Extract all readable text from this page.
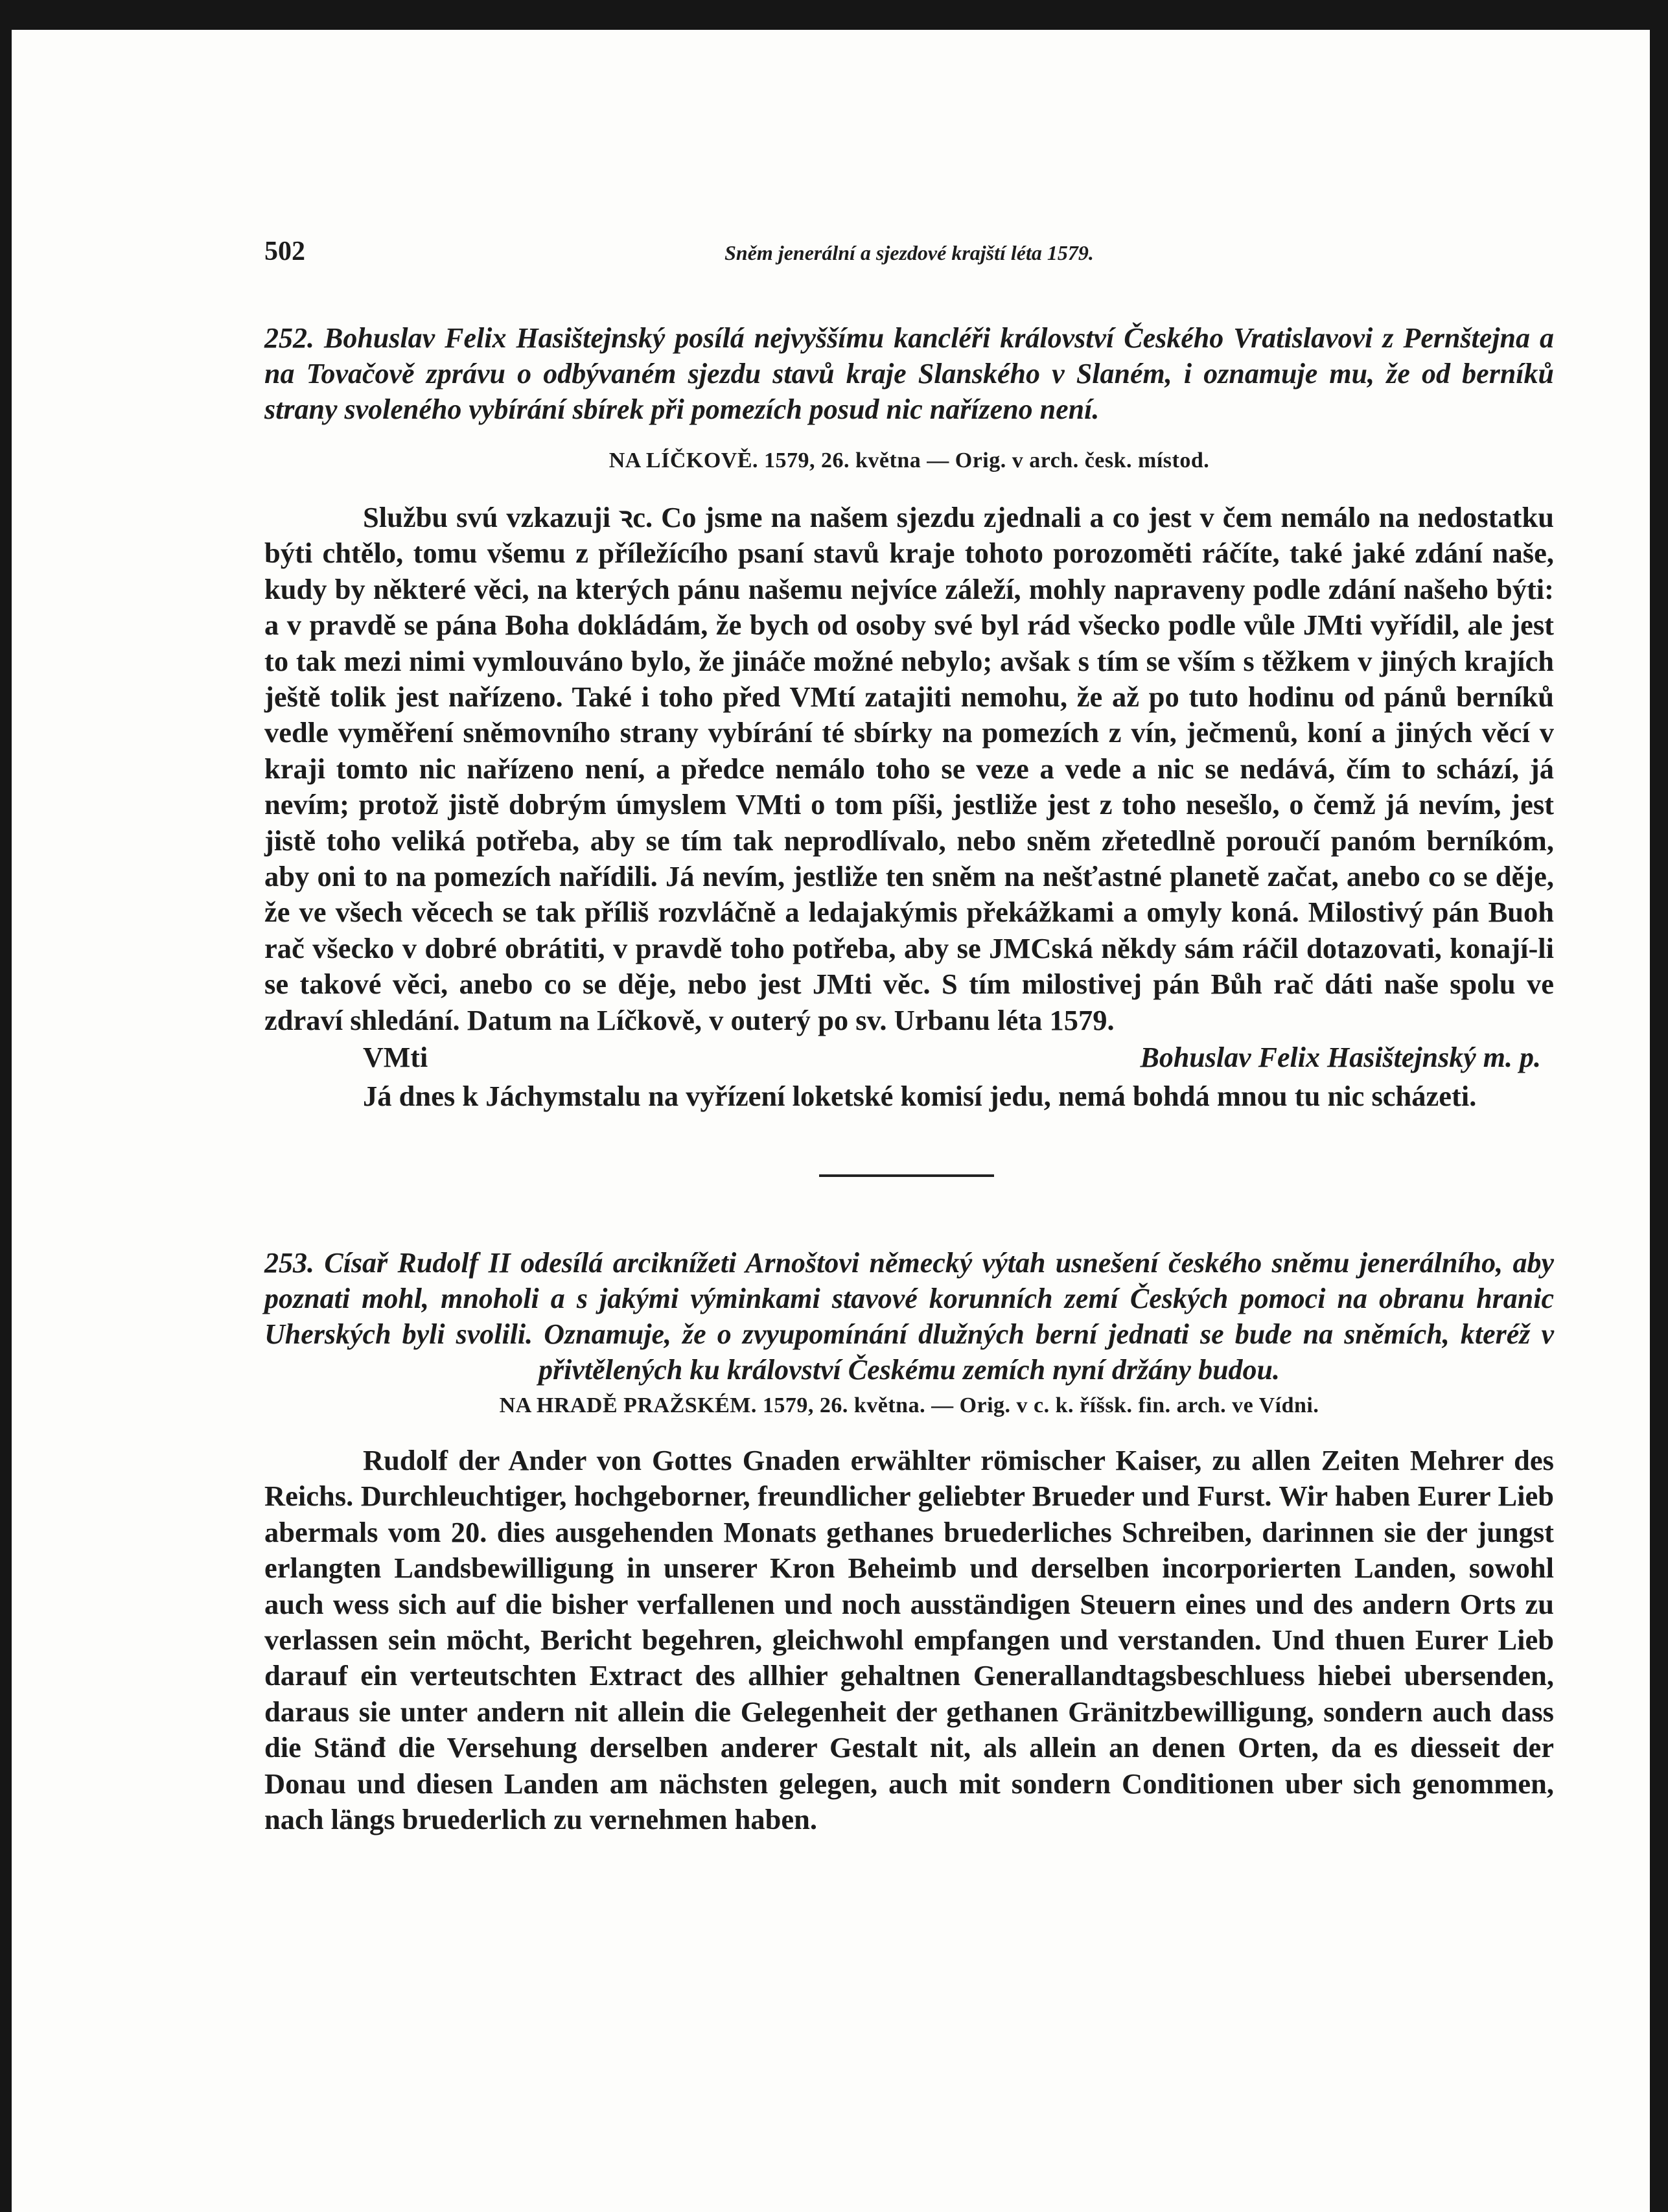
502	Sněm jenerální a sjezdové krajští léta 1579.
252. Bohuslav Felix Hasištejnský posílá nejvyššímu kancléři království Českého Vratislavovi z Pernštejna a na Tovačově zprávu o odbývaném sjezdu stavů kraje Slanského v Slaném, i oznamuje mu, že od berníků strany svoleného vybírání sbírek při pomezích posud nic nařízeno není.
NA LÍČKOVĚ. 1579, 26. května — Orig. v arch. česk. místod.
Službu svú vzkazuji ꝛc. Co jsme na našem sjezdu zjednali a co jest v čem nemálo na nedostatku býti chtělo, tomu všemu z příležícího psaní stavů kraje tohoto porozoměti ráčíte, také jaké zdání naše, kudy by některé věci, na kterých pánu našemu nejvíce záleží, mohly napraveny podle zdání našeho býti: a v pravdě se pána Boha dokládám, že bych od osoby své byl rád všecko podle vůle JMti vyřídil, ale jest to tak mezi nimi vymlouváno bylo, že jináče možné nebylo; avšak s tím se vším s těžkem v jiných krajích ještě tolik jest nařízeno. Také i toho před VMtí zatajiti nemohu, že až po tuto hodinu od pánů berníků vedle vyměření sněmovního strany vybírání té sbírky na pomezích z vín, ječmenů, koní a jiných věcí v kraji tomto nic nařízeno není, a předce nemálo toho se veze a vede a nic se nedává, čím to schází, já nevím; protož jistě dobrým úmyslem VMti o tom píši, jestliže jest z toho nesešlo, o čemž já nevím, jest jistě toho veliká potřeba, aby se tím tak neprodlívalo, nebo sněm zřetedlně poroučí panóm berníkóm, aby oni to na pomezích nařídili. Já nevím, jestliže ten sněm na nešťastné planetě začat, anebo co se děje, že ve všech věcech se tak příliš rozvláčně a ledajakýmis překážkami a omyly koná. Milostivý pán Buoh rač všecko v dobré obrátiti, v pravdě toho potřeba, aby se JMCská někdy sám ráčil dotazovati, konají-li se takové věci, anebo co se děje, nebo jest JMti věc. S tím milostivej pán Bůh rač dáti naše spolu ve zdraví shledání. Datum na Líčkově, v outerý po sv. Urbanu léta 1579.
VMti	Bohuslav Felix Hasištejnský m. p.
Já dnes k Jáchymstalu na vyřízení loketské komisí jedu, nemá bohdá mnou tu nic scházeti.
253. Císař Rudolf II odesílá arciknížeti Arnoštovi německý výtah usnešení českého sněmu jenerálního, aby poznati mohl, mnoholi a s jakými výminkami stavové korunních zemí Českých pomoci na obranu hranic Uherských byli svolili. Oznamuje, že o zvyupomínání dlužných berní jednati se bude na sněmích, kteréž v přivtělených ku království Českému zemích nyní držány budou.
NA HRADĚ PRAŽSKÉM. 1579, 26. května. — Orig. v c. k. říšsk. fin. arch. ve Vídni.
Rudolf der Ander von Gottes Gnaden erwählter römischer Kaiser, zu allen Zeiten Mehrer des Reichs. Durchleuchtiger, hochgeborner, freundlicher geliebter Brueder und Furst. Wir haben Eurer Lieb abermals vom 20. dies ausgehenden Monats gethanes bruederliches Schreiben, darinnen sie der jungst erlangten Landsbewilligung in unserer Kron Beheimb und derselben incorporierten Landen, sowohl auch wess sich auf die bisher verfallenen und noch ausständigen Steuern eines und des andern Orts zu verlassen sein möcht, Bericht begehren, gleichwohl empfangen und verstanden. Und thuen Eurer Lieb darauf ein verteutschten Extract des allhier gehaltnen Generallandtagsbeschluess hiebei ubersenden, daraus sie unter andern nit allein die Gelegenheit der gethanen Gränitzbewilligung, sondern auch dass die Stänđ die Versehung derselben anderer Gestalt nit, als allein an denen Orten, da es diesseit der Donau und diesen Landen am nächsten gelegen, auch mit sondern Conditionen uber sich genommen, nach längs bruederlich zu vernehmen haben.
